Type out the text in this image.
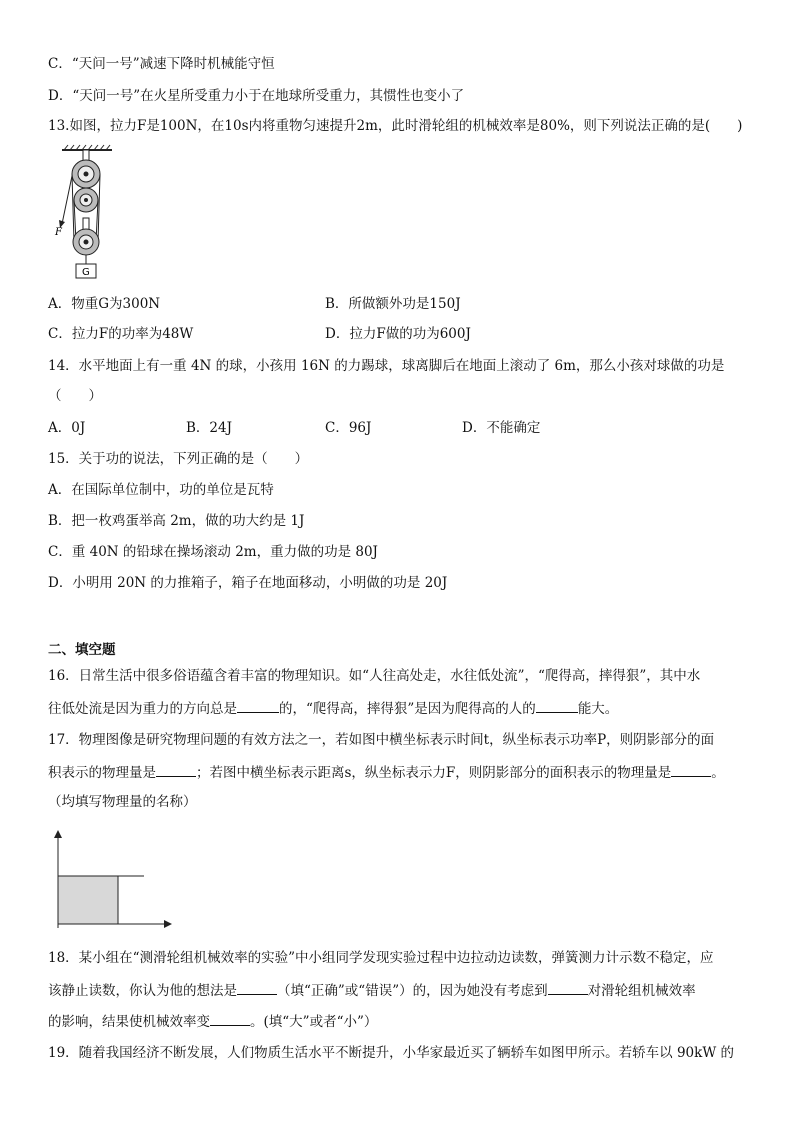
C．“天问一号”减速下降时机械能守恒
D．“天问一号”在火星所受重力小于在地球所受重力，其惯性也变小了
13.如图，拉力F是100N，在10s内将重物匀速提升2m，此时滑轮组的机械效率是80%，则下列说法正确的是(　　)
F
G
A．物重G为300N	B．所做额外功是150J
C．拉力F的功率为48W	D．拉力F做的功为600J
14．水平地面上有一重 4N 的球，小孩用 16N 的力踢球，球离脚后在地面上滚动了 6m，那么小孩对球做的功是
（　　）
A．0J	B．24J	C．96J	D．不能确定
15．关于功的说法，下列正确的是（　　）
A．在国际单位制中，功的单位是瓦特
B．把一枚鸡蛋举高 2m，做的功大约是 1J
C．重 40N 的铅球在操场滚动 2m，重力做的功是 80J
D．小明用 20N 的力推箱子，箱子在地面移动，小明做的功是 20J
二、填空题
16．日常生活中很多俗语蕴含着丰富的物理知识。如“人往高处走，水往低处流”，“爬得高，摔得狠”，其中水
往低处流是因为重力的方向总是	的，“爬得高，摔得狠”是因为爬得高的人的	能大。
17．物理图像是研究物理问题的有效方法之一，若如图中横坐标表示时间t，纵坐标表示功率P，则阴影部分的面
积表示的物理量是	；若图中横坐标表示距离s，纵坐标表示力F，则阴影部分的面积表示的物理量是	。
（均填写物理量的名称）
18．某小组在“测滑轮组机械效率的实验”中小组同学发现实验过程中边拉动边读数，弹簧测力计示数不稳定，应
该静止读数，你认为他的想法是	（填“正确”或“错误”）的，因为她没有考虑到	对滑轮组机械效率
的影响，结果使机械效率变	。(填“大”或者“小”）
19．随着我国经济不断发展，人们物质生活水平不断提升，小华家最近买了辆轿车如图甲所示。若轿车以 90kW 的
